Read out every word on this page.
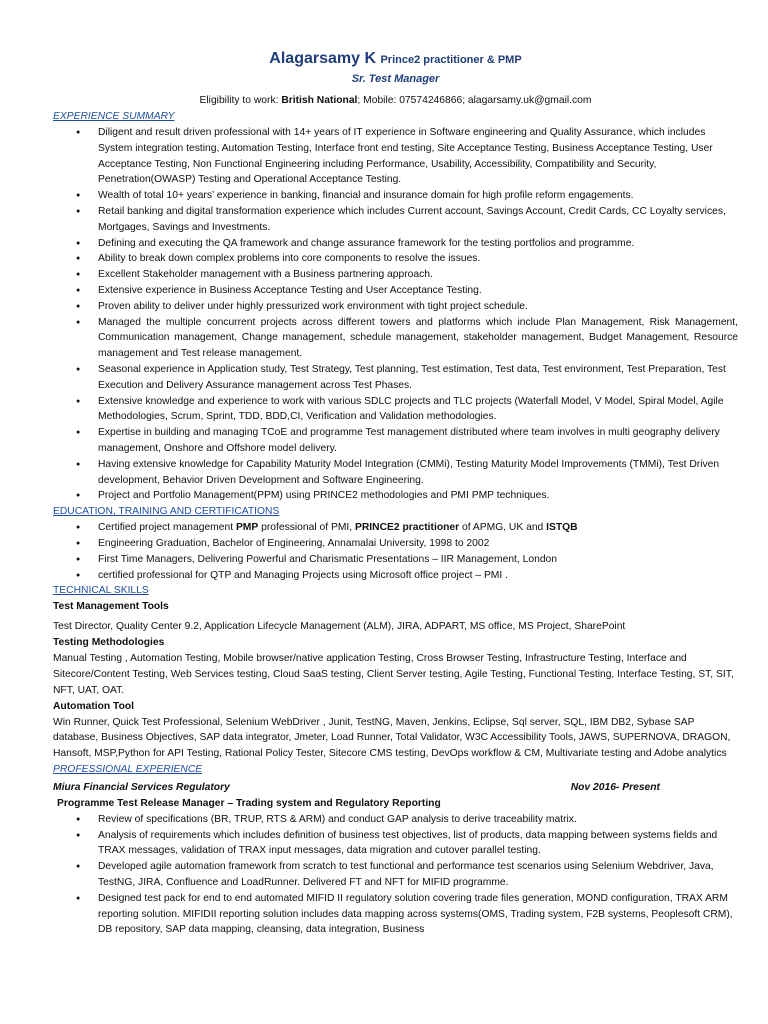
Alagarsamy K Prince2 practitioner & PMP
Sr. Test Manager
Eligibility to work: British National; Mobile: 07574246866; alagarsamy.uk@gmail.com
EXPERIENCE SUMMARY
● Diligent and result driven professional with 14+ years of IT experience in Software engineering and Quality Assurance, which includes System integration testing, Automation Testing, Interface front end testing, Site Acceptance Testing, Business Acceptance Testing, User Acceptance Testing, Non Functional Engineering including Performance, Usability, Accessibility, Compatibility and Security, Penetration(OWASP) Testing and Operational Acceptance Testing.
● Wealth of total 10+ years’ experience in banking, financial and insurance domain for high profile reform engagements.
● Retail banking and digital transformation experience which includes Current account, Savings Account, Credit Cards, CC Loyalty services, Mortgages, Savings and Investments.
● Defining and executing the QA framework and change assurance framework for the testing portfolios and programme.
● Ability to break down complex problems into core components to resolve the issues.
● Excellent Stakeholder management with a Business partnering approach.
● Extensive experience in Business Acceptance Testing and User Acceptance Testing.
● Proven ability to deliver under highly pressurized work environment with tight project schedule.
● Managed the multiple concurrent projects across different towers and platforms which include Plan Management, Risk Management, Communication management, Change management, schedule management, stakeholder management, Budget Management, Resource management and Test release management.
● Seasonal experience in Application study, Test Strategy, Test planning, Test estimation, Test data, Test environment, Test Preparation, Test Execution and Delivery Assurance management across Test Phases.
● Extensive knowledge and experience to work with various SDLC projects and TLC projects (Waterfall Model, V Model, Spiral Model, Agile Methodologies, Scrum, Sprint, TDD, BDD,CI, Verification and Validation methodologies.
● Expertise in building and managing TCoE and programme Test management distributed where team involves in multi geography delivery management, Onshore and Offshore model delivery.
● Having extensive knowledge for Capability Maturity Model Integration (CMMi), Testing Maturity Model Improvements (TMMi), Test Driven development, Behavior Driven Development and Software Engineering.
● Project and Portfolio Management(PPM) using PRINCE2 methodologies and PMI PMP techniques.
EDUCATION, TRAINING AND CERTIFICATIONS
● Certified project management PMP professional of PMI, PRINCE2 practitioner of APMG, UK and ISTQB
● Engineering Graduation, Bachelor of Engineering, Annamalai University, 1998 to 2002
● First Time Managers, Delivering Powerful and Charismatic Presentations – IIR Management, London
● certified professional for QTP and Managing Projects using Microsoft office project – PMI .
TECHNICAL SKILLS
Test Management Tools
Test Director, Quality Center 9.2, Application Lifecycle Management (ALM), JIRA, ADPART, MS office, MS Project, SharePoint
Testing Methodologies
Manual Testing , Automation Testing, Mobile browser/native application Testing, Cross Browser Testing, Infrastructure Testing, Interface and Sitecore/Content Testing, Web Services testing, Cloud SaaS testing, Client Server testing, Agile Testing, Functional Testing, Interface Testing, ST, SIT, NFT, UAT, OAT.
Automation Tool
Win Runner, Quick Test Professional, Selenium WebDriver , Junit, TestNG, Maven, Jenkins, Eclipse, Sql server, SQL, IBM DB2, Sybase SAP database, Business Objectives, SAP data integrator, Jmeter, Load Runner, Total Validator, W3C Accessibility Tools, JAWS, SUPERNOVA, DRAGON, Hansoft, MSP,Python for API Testing, Rational Policy Tester, Sitecore CMS testing, DevOps workflow & CM, Multivariate testing and Adobe analytics
PROFESSIONAL EXPERIENCE
Miura Financial Services Regulatory	Nov 2016- Present
Programme Test Release Manager – Trading system and Regulatory Reporting
● Review of specifications (BR, TRUP, RTS & ARM) and conduct GAP analysis to derive traceability matrix.
● Analysis of requirements which includes definition of business test objectives, list of products, data mapping between systems fields and TRAX messages, validation of TRAX input messages, data migration and cutover parallel testing.
● Developed agile automation framework from scratch to test functional and performance test scenarios using Selenium Webdriver, Java, TestNG, JIRA, Confluence and LoadRunner. Delivered FT and NFT for MIFID programme.
● Designed test pack for end to end automated MIFID II regulatory solution covering trade files generation, MOND configuration, TRAX ARM reporting solution. MIFIDII reporting solution includes data mapping across systems(OMS, Trading system, F2B systems, Peoplesoft CRM), DB repository, SAP data mapping, cleansing, data integration, Business
